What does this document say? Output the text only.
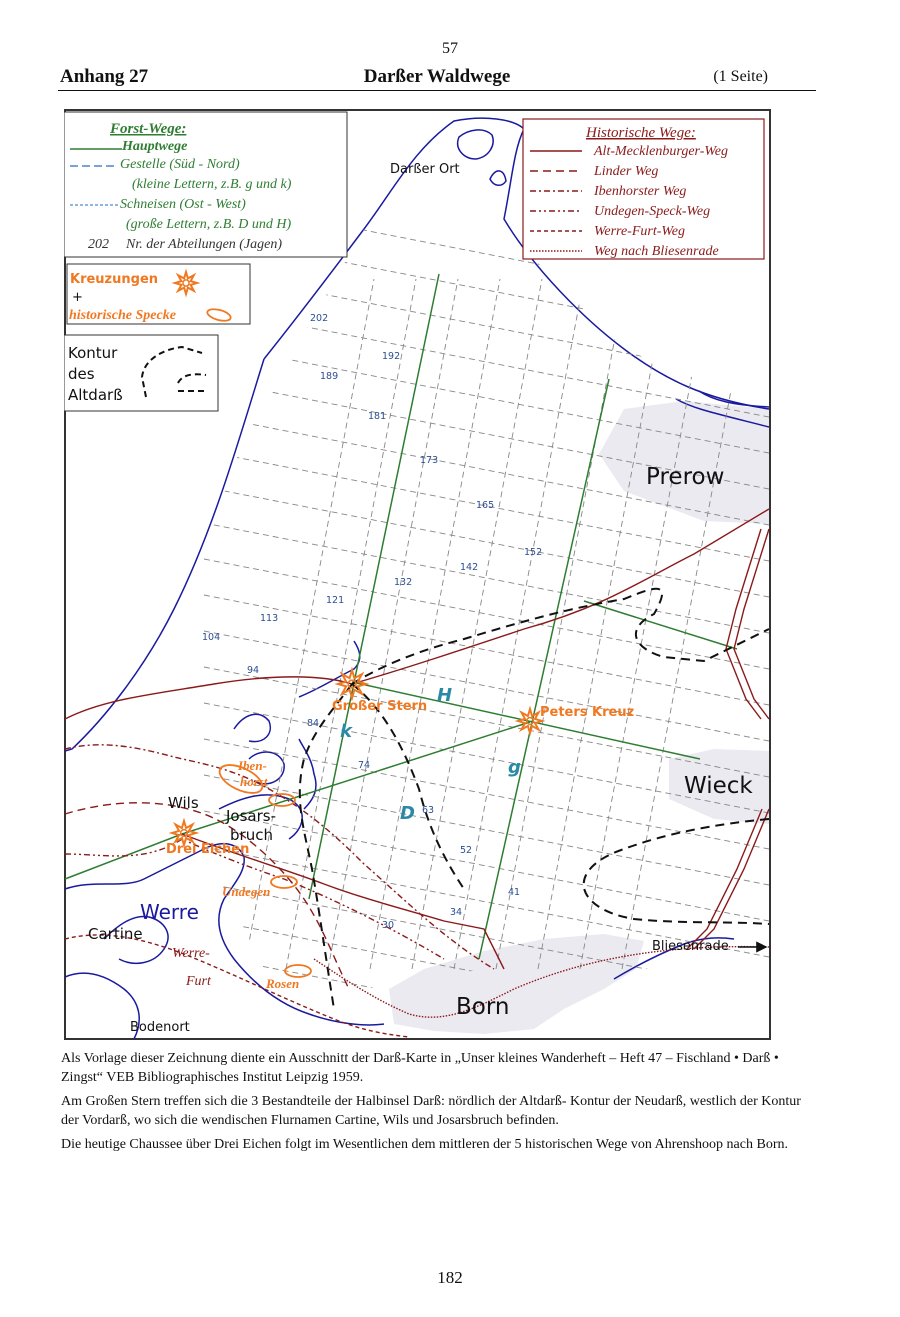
57
Anhang 27	Darßer Waldwege	(1 Seite)
202
192
189
181
173
165
152
142
132
121
113
104
94
84
74
63
52
41
34
30
Forst-Wege:
Hauptwege
Gestelle (Süd - Nord)
(kleine Lettern, z.B. g und k)
Schneisen (Ost - West)
(große Lettern, z.B. D und H)
202 Nr. der Abteilungen (Jagen)
Historische Wege:
Alt-Mecklenburger-Weg
Linder Weg
Ibenhorster Weg
Undegen-Speck-Weg
Werre-Furt-Weg
Weg nach Bliesenrade
Kreuzungen
+
historische Specke
Kontur
des
Altdarß
Darßer Ort
Prerow
Wieck
Born
Bliesenrade
Werre
Cartine
Bodenort
Wils
Josars-
bruch
Großer Stern	Peters Kreuz
Drei Eichen
Iben-
horst
Undegen
Rosen
Werre-
Furt
H
k
g
D

Als Vorlage dieser Zeichnung diente ein Ausschnitt der Darß-Karte in „Unser kleines Wanderheft – Heft 47 – Fischland • Darß • Zingst“ VEB Bibliographisches Institut Leipzig 1959.

Am Großen Stern treffen sich die 3 Bestandteile der Halbinsel Darß: nördlich der Altdarß- Kontur der Neudarß, westlich der Kontur der Vordarß, wo sich die wendischen Flurnamen Cartine, Wils und Josarsbruch befinden.

Die heutige Chaussee über Drei Eichen folgt im Wesentlichen dem mittleren der 5 historischen Wege von Ahrenshoop nach Born.

182
